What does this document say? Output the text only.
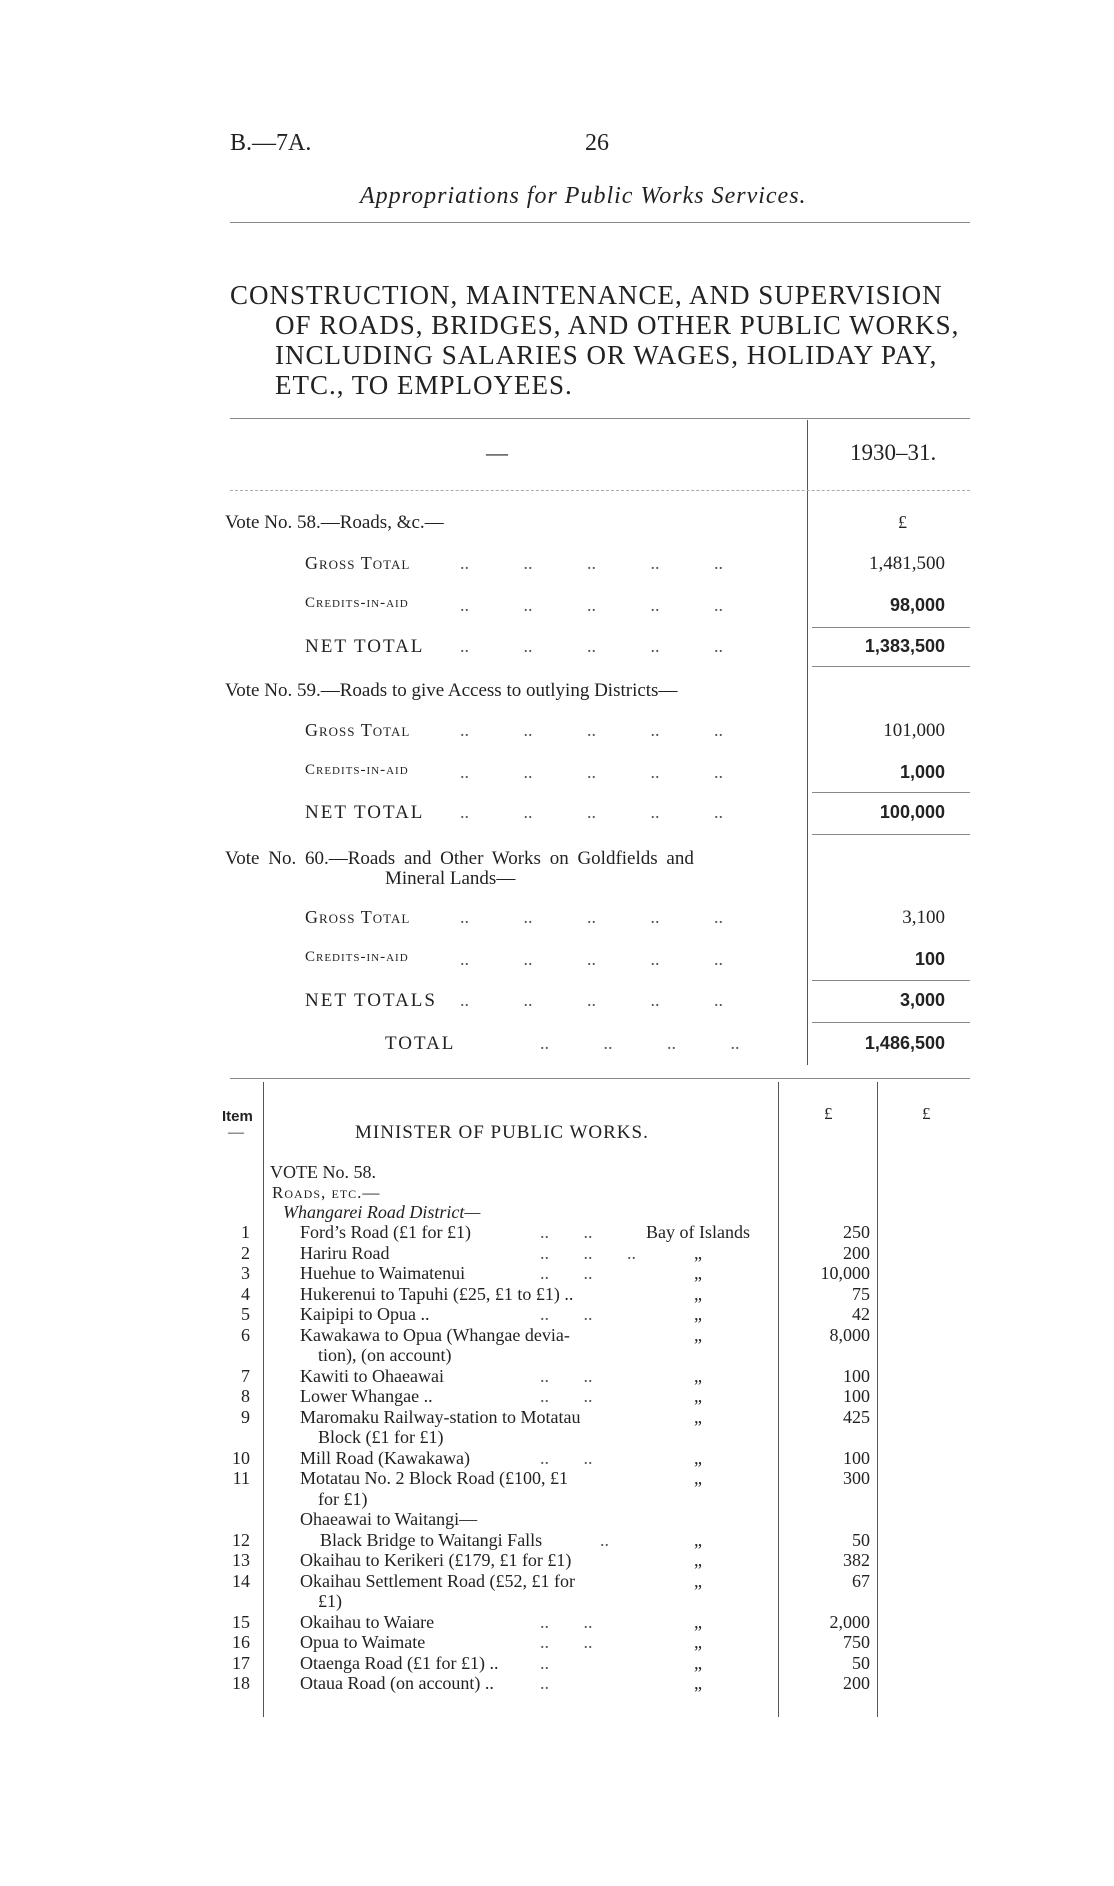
B.—7A.	26
Appropriations for Public Works Services.
CONSTRUCTION, MAINTENANCE, AND SUPERVISION
OF ROADS, BRIDGES, AND OTHER PUBLIC WORKS,
INCLUDING SALARIES OR WAGES, HOLIDAY PAY,
ETC., TO EMPLOYEES.
—	1930–31.
£
Vote No. 58.—Roads, &c.—
Gross Total	.. .. .. .. ..	1,481,500
Credits-in-aid	.. .. .. .. ..	98,000
NET TOTAL .. .. .. .. ..	1,383,500
Vote No. 59.—Roads to give Access to outlying Districts—
Gross Total	.. .. .. .. ..	101,000
Credits-in-aid	.. .. .. .. ..	1,000
NET TOTAL .. .. .. .. ..	100,000
Vote No. 60.—Roads and Other Works on Goldfields and
Mineral Lands—
Gross Total	.. .. .. .. ..	3,100
Credits-in-aid	.. .. .. .. ..	100
NET TOTALS .. .. .. .. ..	3,000
TOTAL	.. .. .. ..	1,486,500
Item
—	MINISTER OF PUBLIC WORKS.
£	£
VOTE No. 58.
Roads, etc.—
Whangarei Road District—
1	Ford’s Road (£1 for £1)	.. ..	Bay of Islands	250
2	Hariru Road	.. .. ..	„	200
3	Huehue to Waimatenui	.. ..	„	10,000
4	Hukerenui to Tapuhi (£25, £1 to £1) ..	„	75
5	Kaipipi to Opua ..	.. ..	„	42
6	Kawakawa to Opua (Whangae devia-	„	8,000
tion), (on account)
7	Kawiti to Ohaeawai	.. ..	„	100
8	Lower Whangae ..	.. ..	„	100
9	Maromaku Railway-station to Motatau	„	425
Block (£1 for £1)
10	Mill Road (Kawakawa)	.. ..	„	100
11	Motatau No. 2 Block Road (£100, £1	„	300
for £1)
Ohaeawai to Waitangi—
12	Black Bridge to Waitangi Falls	..	„	50
13	Okaihau to Kerikeri (£179, £1 for £1)	„	382
14	Okaihau Settlement Road (£52, £1 for	„	67
£1)
15	Okaihau to Waiare	.. ..	„	2,000
16	Opua to Waimate	.. ..	„	750
17	Otaenga Road (£1 for £1) .. ..	„	50
18	Otaua Road (on account) ..	..	„	200
